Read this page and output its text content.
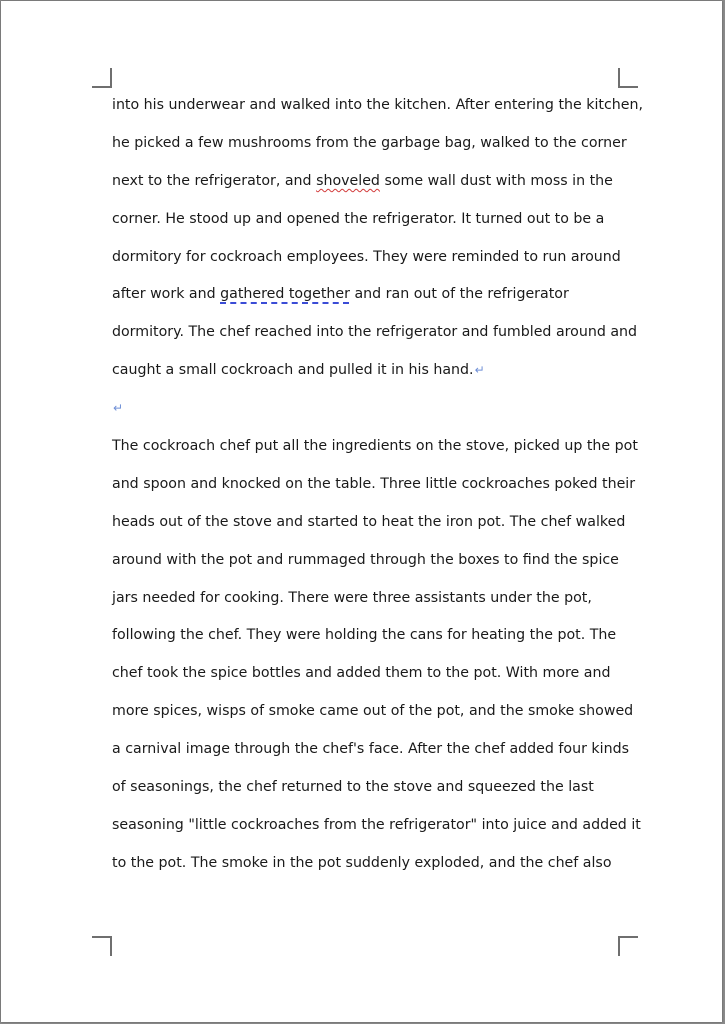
into his underwear and walked into the kitchen. After entering the kitchen,
he picked a few mushrooms from the garbage bag, walked to the corner
next to the refrigerator, and shoveled some wall dust with moss in the
corner. He stood up and opened the refrigerator. It turned out to be a
dormitory for cockroach employees. They were reminded to run around
after work and gathered together and ran out of the refrigerator
dormitory. The chef reached into the refrigerator and fumbled around and
caught a small cockroach and pulled it in his hand.↵
↵
The cockroach chef put all the ingredients on the stove, picked up the pot
and spoon and knocked on the table. Three little cockroaches poked their
heads out of the stove and started to heat the iron pot. The chef walked
around with the pot and rummaged through the boxes to find the spice
jars needed for cooking. There were three assistants under the pot,
following the chef. They were holding the cans for heating the pot. The
chef took the spice bottles and added them to the pot. With more and
more spices, wisps of smoke came out of the pot, and the smoke showed
a carnival image through the chef's face. After the chef added four kinds
of seasonings, the chef returned to the stove and squeezed the last
seasoning "little cockroaches from the refrigerator" into juice and added it
to the pot. The smoke in the pot suddenly exploded, and the chef also
